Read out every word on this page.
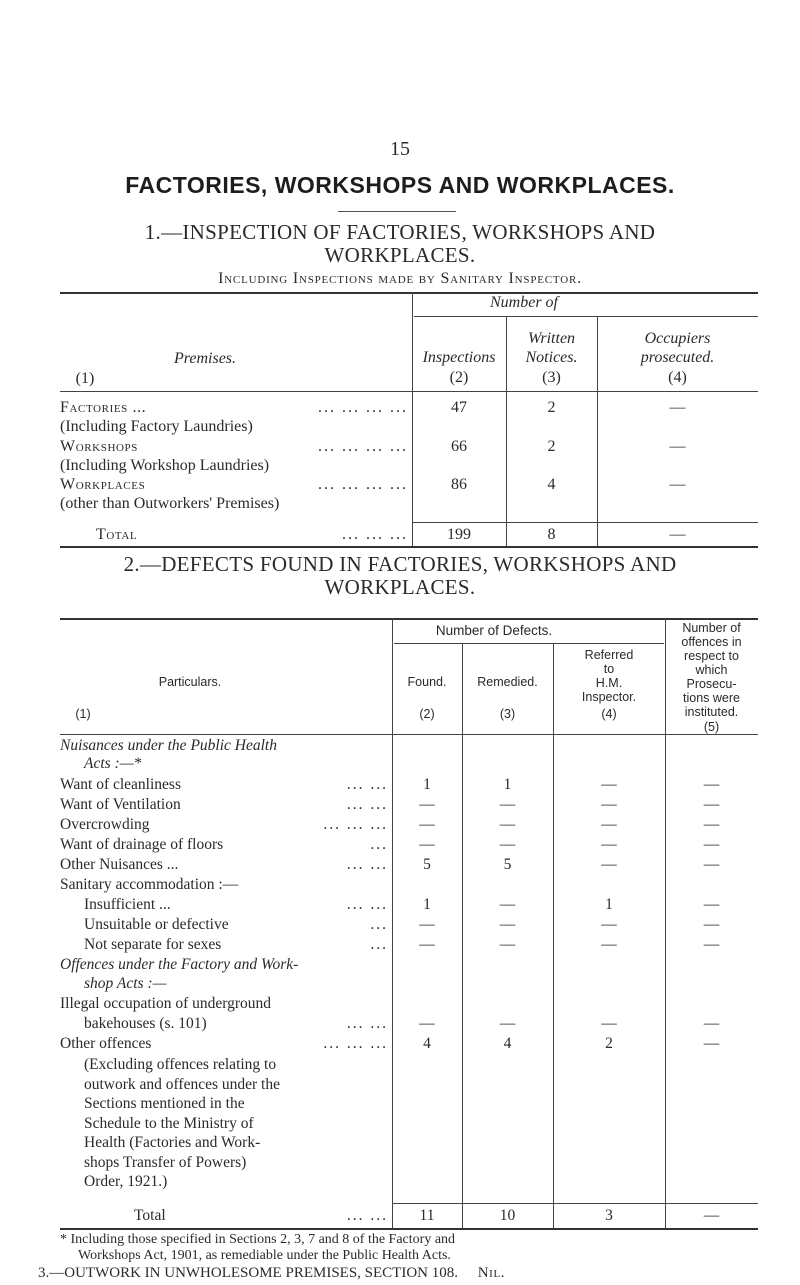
15
FACTORIES, WORKSHOPS AND WORKPLACES.
1.—INSPECTION OF FACTORIES, WORKSHOPS AND
WORKPLACES.
Including Inspections made by Sanitary Inspector.
Number of
Premises.
(1)
Inspections
(2)
Written
Notices.
(3)
Occupiers
prosecuted.
(4)
Factories ...	... ... ... ...
(Including Factory Laundries)
47	2	—
Workshops	... ... ... ...
(Including Workshop Laundries)
66	2	—
Workplaces	... ... ... ...
(other than Outworkers' Premises)
86	4	—
Total	... ... ...	199	8	—
2.—DEFECTS FOUND IN FACTORIES, WORKSHOPS AND
WORKPLACES.
Number of Defects.
Particulars.
(1)
Found.
(2)
Remedied.
(3)
Referred
to
H.M.
Inspector.
(4)
Number of
offences in
respect to
which
Prosecu-
tions were
instituted.
(5)
Nuisances under the Public Health
Acts :—*
Want of cleanliness	... ...	1	1	—	—
Want of Ventilation	... ...	—	—	—	—
Overcrowding	... ... ...	—	—	—	—
Want of drainage of floors	...	—	—	—	—
Other Nuisances ...	... ...	5	5	—	—
Sanitary accommodation :—
Insufficient ...	... ...	1	—	1	—
Unsuitable or defective	...	—	—	—	—
Not separate for sexes	...	—	—	—	—
Offences under the Factory and Work-
shop Acts :—
Illegal occupation of underground
bakehouses (s. 101)	... ...	—	—	—	—
Other offences	... ... ...	4	4	2	—
(Excluding offences relating to
outwork and offences under the
Sections mentioned in the
Schedule to the Ministry of
Health (Factories and Work-
shops Transfer of Powers)
Order, 1921.)
Total	... ...	11	10	3	—
* Including those specified in Sections 2, 3, 7 and 8 of the Factory and
Workshops Act, 1901, as remediable under the Public Health Acts.
3.—OUTWORK IN UNWHOLESOME PREMISES, SECTION 108. Nil.
